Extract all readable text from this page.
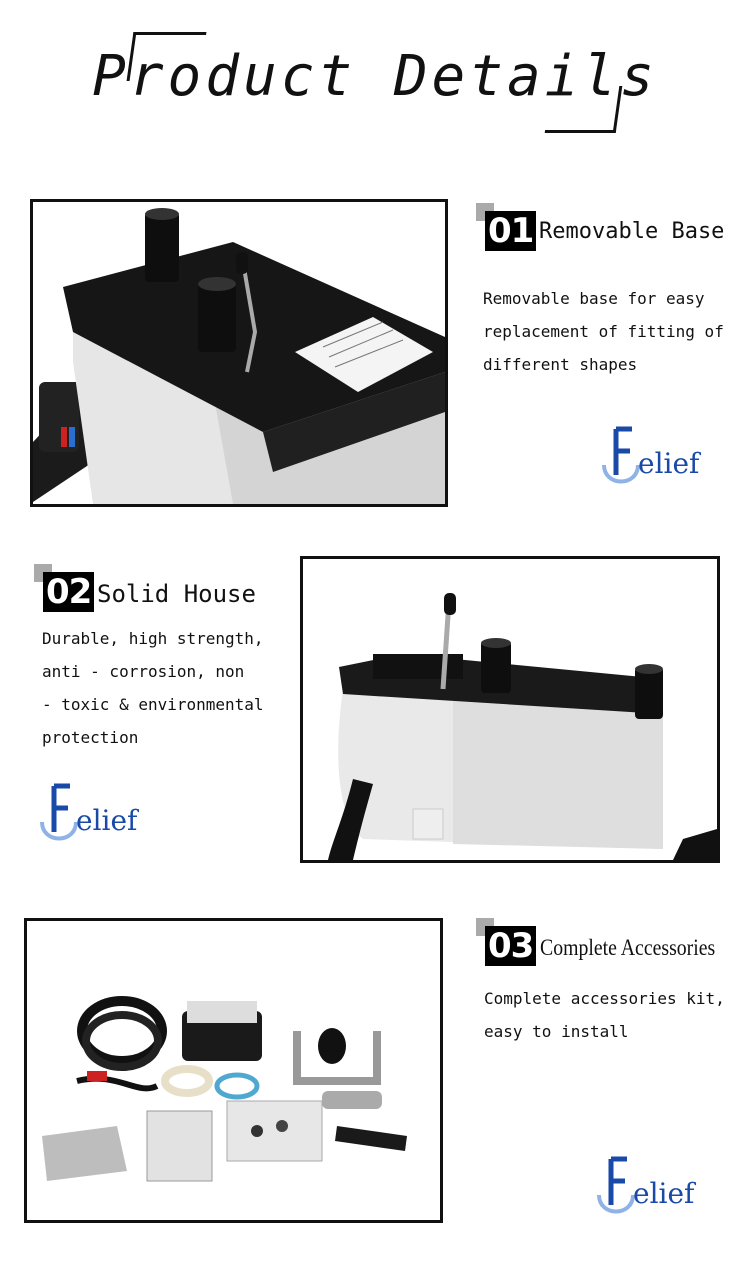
Product Details
01 Removable Base
Removable base for easy
replacement of fitting of
different shapes
elief
02 Solid House
Durable, high strength,
anti - corrosion, non
- toxic & environmental
protection
elief
03 Complete Accessories
Complete accessories kit,
easy to install
elief
